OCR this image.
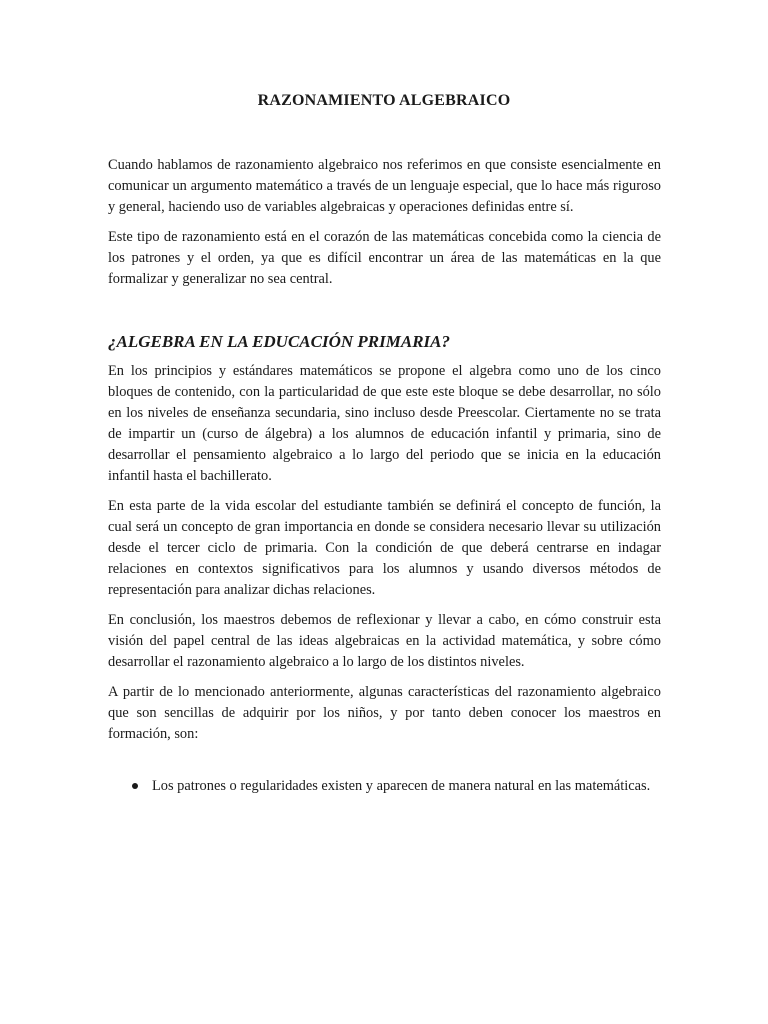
RAZONAMIENTO ALGEBRAICO

Cuando hablamos de razonamiento algebraico nos referimos en que consiste esencialmente en comunicar un argumento matemático a través de un lenguaje especial, que lo hace más riguroso y general, haciendo uso de variables algebraicas y operaciones definidas entre sí.

Este tipo de razonamiento está en el corazón de las matemáticas concebida como la ciencia de los patrones y el orden, ya que es difícil encontrar un área de las matemáticas en la que formalizar y generalizar no sea central.

¿ALGEBRA EN LA EDUCACIÓN PRIMARIA?

En los principios y estándares matemáticos se propone el algebra como uno de los cinco bloques de contenido, con la particularidad de que este este bloque se debe desarrollar, no sólo en los niveles de enseñanza secundaria, sino incluso desde Preescolar. Ciertamente no se trata de impartir un (curso de álgebra) a los alumnos de educación infantil y primaria, sino de desarrollar el pensamiento algebraico a lo largo del periodo que se inicia en la educación infantil hasta el bachillerato.

En esta parte de la vida escolar del estudiante también se definirá el concepto de función, la cual será un concepto de gran importancia en donde se considera necesario llevar su utilización desde el tercer ciclo de primaria. Con la condición de que deberá centrarse en indagar relaciones en contextos significativos para los alumnos y usando diversos métodos de representación para analizar dichas relaciones.

En conclusión, los maestros debemos de reflexionar y llevar a cabo, en cómo construir esta visión del papel central de las ideas algebraicas en la actividad matemática, y sobre cómo desarrollar el razonamiento algebraico a lo largo de los distintos niveles.

A partir de lo mencionado anteriormente, algunas características del razonamiento algebraico que son sencillas de adquirir por los niños, y por tanto deben conocer los maestros en formación, son:

Los patrones o regularidades existen y aparecen de manera natural en las matemáticas.
